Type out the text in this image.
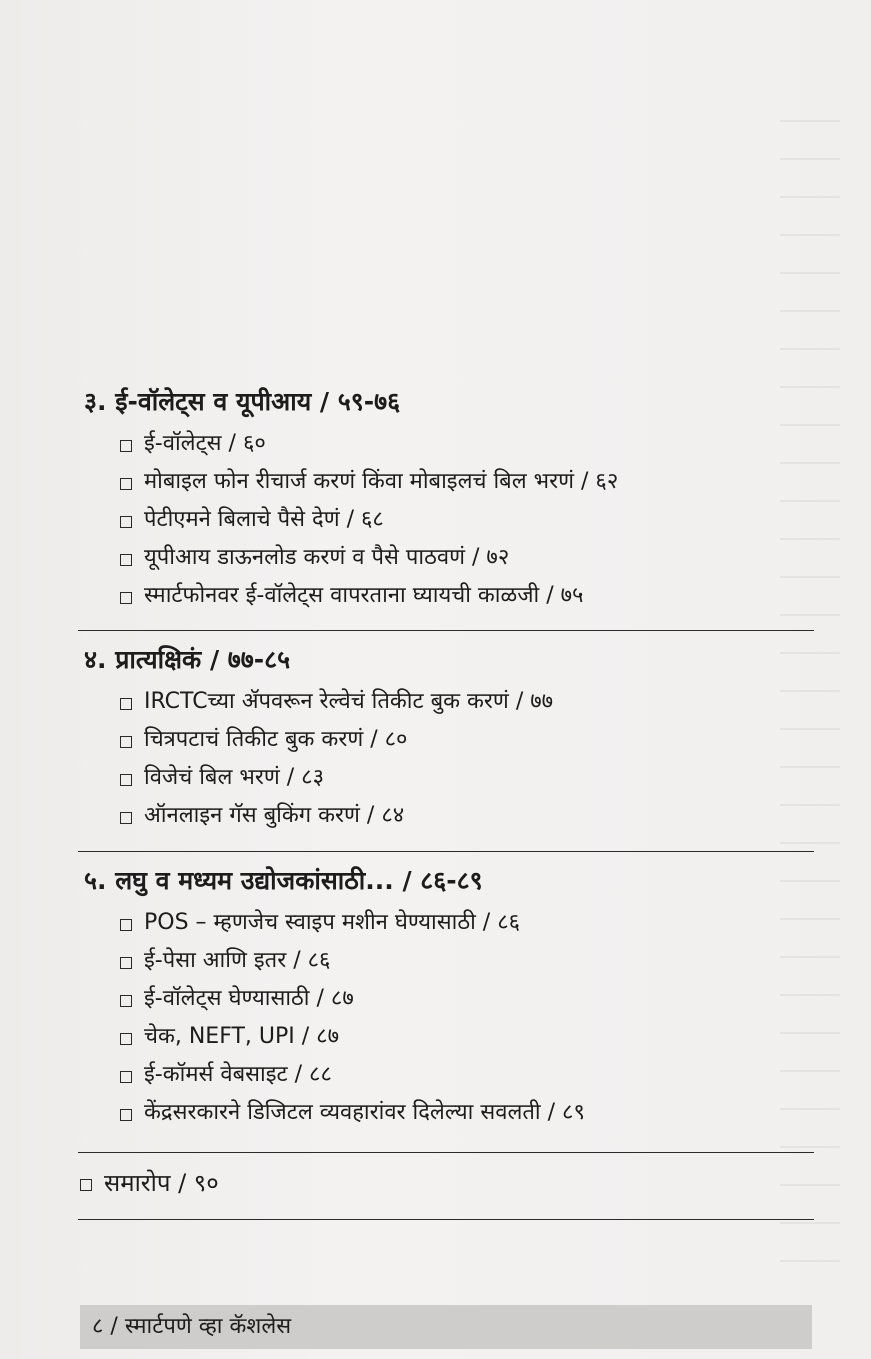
३. ई-वॉलेट्स व यूपीआय / ५९-७६
ई-वॉलेट्स / ६०
मोबाइल फोन रीचार्ज करणं किंवा मोबाइलचं बिल भरणं / ६२
पेटीएमने बिलाचे पैसे देणं / ६८
यूपीआय डाऊनलोड करणं व पैसे पाठवणं / ७२
स्मार्टफोनवर ई-वॉलेट्स वापरताना घ्यायची काळजी / ७५
४. प्रात्यक्षिकं / ७७-८५
IRCTCच्या ॲपवरून रेल्वेचं तिकीट बुक करणं / ७७
चित्रपटाचं तिकीट बुक करणं / ८०
विजेचं बिल भरणं / ८३
ऑनलाइन गॅस बुकिंग करणं / ८४
५. लघु व मध्यम उद्योजकांसाठी... / ८६-८९
POS – म्हणजेच स्वाइप मशीन घेण्यासाठी / ८६
ई-पेसा आणि इतर / ८६
ई-वॉलेट्स घेण्यासाठी / ८७
चेक, NEFT, UPI / ८७
ई-कॉमर्स वेबसाइट / ८८
केंद्रसरकारने डिजिटल व्यवहारांवर दिलेल्या सवलती / ८९
समारोप / ९०
८ / स्मार्टपणे व्हा कॅशलेस
